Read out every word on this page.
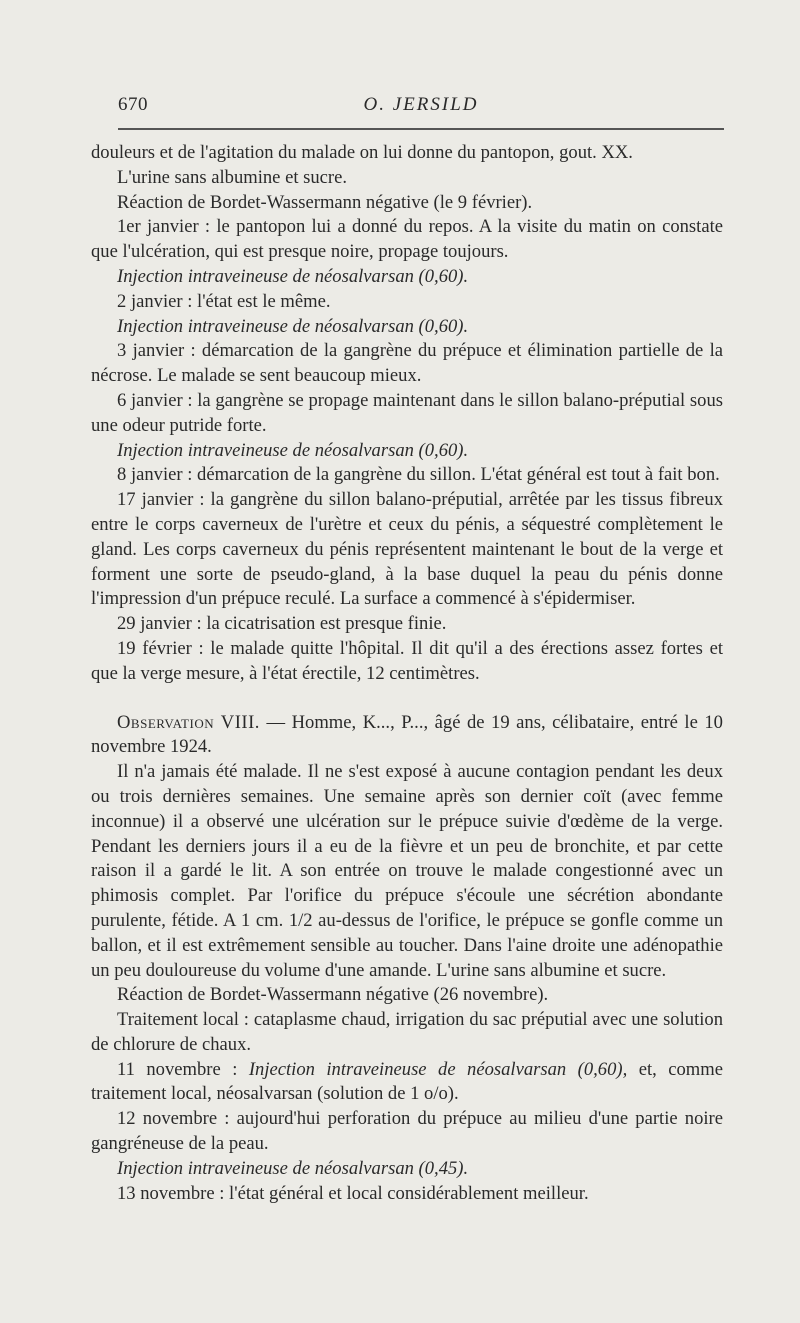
670	O. JERSILD

douleurs et de l'agitation du malade on lui donne du pantopon, gout. XX.

L'urine sans albumine et sucre.

Réaction de Bordet-Wassermann négative (le 9 février).

1er janvier : le pantopon lui a donné du repos. A la visite du matin on constate que l'ulcération, qui est presque noire, propage toujours.

Injection intraveineuse de néosalvarsan (0,60).

2 janvier : l'état est le même.

Injection intraveineuse de néosalvarsan (0,60).

3 janvier : démarcation de la gangrène du prépuce et élimination partielle de la nécrose. Le malade se sent beaucoup mieux.

6 janvier : la gangrène se propage maintenant dans le sillon balano-préputial sous une odeur putride forte.

Injection intraveineuse de néosalvarsan (0,60).

8 janvier : démarcation de la gangrène du sillon. L'état général est tout à fait bon.

17 janvier : la gangrène du sillon balano-préputial, arrêtée par les tissus fibreux entre le corps caverneux de l'urètre et ceux du pénis, a séquestré complètement le gland. Les corps caverneux du pénis représentent maintenant le bout de la verge et forment une sorte de pseudo-gland, à la base duquel la peau du pénis donne l'impression d'un prépuce reculé. La surface a commencé à s'épidermiser.

29 janvier : la cicatrisation est presque finie.

19 février : le malade quitte l'hôpital. Il dit qu'il a des érections assez fortes et que la verge mesure, à l'état érectile, 12 centimètres.

Observation VIII. — Homme, K..., P..., âgé de 19 ans, célibataire, entré le 10 novembre 1924.

Il n'a jamais été malade. Il ne s'est exposé à aucune contagion pendant les deux ou trois dernières semaines. Une semaine après son dernier coït (avec femme inconnue) il a observé une ulcération sur le prépuce suivie d'œdème de la verge. Pendant les derniers jours il a eu de la fièvre et un peu de bronchite, et par cette raison il a gardé le lit. A son entrée on trouve le malade congestionné avec un phimosis complet. Par l'orifice du prépuce s'écoule une sécrétion abondante purulente, fétide. A 1 cm. 1/2 au-dessus de l'orifice, le prépuce se gonfle comme un ballon, et il est extrêmement sensible au toucher. Dans l'aine droite une adénopathie un peu douloureuse du volume d'une amande. L'urine sans albumine et sucre.

Réaction de Bordet-Wassermann négative (26 novembre).

Traitement local : cataplasme chaud, irrigation du sac préputial avec une solution de chlorure de chaux.

11 novembre : Injection intraveineuse de néosalvarsan (0,60), et, comme traitement local, néosalvarsan (solution de 1 o/o).

12 novembre : aujourd'hui perforation du prépuce au milieu d'une partie noire gangréneuse de la peau.

Injection intraveineuse de néosalvarsan (0,45).

13 novembre : l'état général et local considérablement meilleur.
